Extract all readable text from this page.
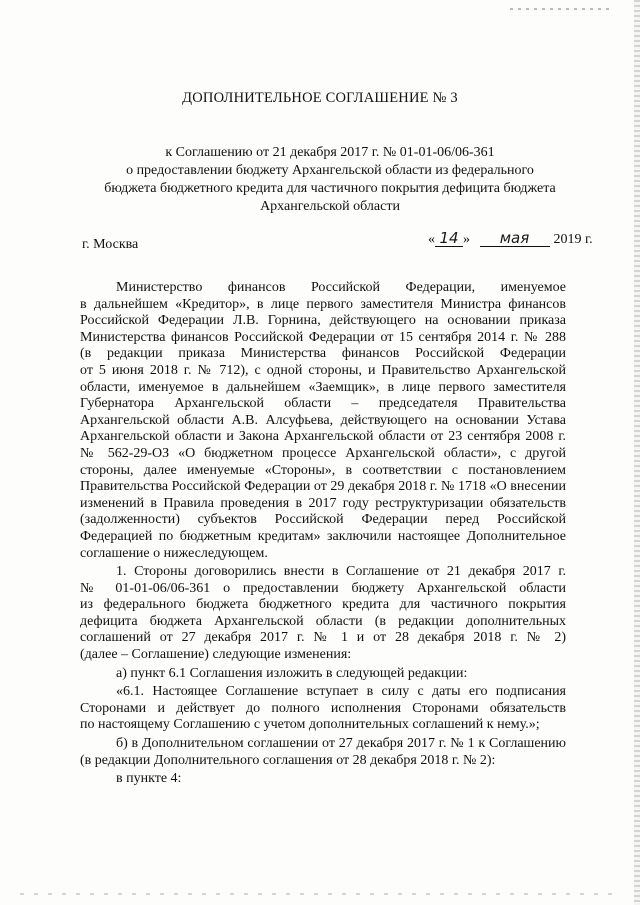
ДОПОЛНИТЕЛЬНОЕ СОГЛАШЕНИЕ № 3
к Соглашению от 21 декабря 2017 г. № 01-01-06/06-361
о предоставлении бюджету Архангельской области из федерального
бюджета бюджетного кредита для частичного покрытия дефицита бюджета
Архангельской области
г. Москва	« 14 » мая 2019 г.
Министерство финансов Российской Федерации, именуемое
в дальнейшем «Кредитор», в лице первого заместителя Министра финансов
Российской Федерации Л.В. Горнина, действующего на основании приказа
Министерства финансов Российской Федерации от 15 сентября 2014 г. № 288
(в редакции приказа Министерства финансов Российской Федерации
от 5 июня 2018 г. № 712), с одной стороны, и Правительство Архангельской
области, именуемое в дальнейшем «Заемщик», в лице первого заместителя
Губернатора Архангельской области – председателя Правительства
Архангельской области А.В. Алсуфьева, действующего на основании Устава
Архангельской области и Закона Архангельской области от 23 сентября 2008 г.
№ 562-29-ОЗ «О бюджетном процессе Архангельской области», с другой
стороны, далее именуемые «Стороны», в соответствии с постановлением
Правительства Российской Федерации от 29 декабря 2018 г. № 1718 «О внесении
изменений в Правила проведения в 2017 году реструктуризации обязательств
(задолженности) субъектов Российской Федерации перед Российской
Федерацией по бюджетным кредитам» заключили настоящее Дополнительное
соглашение о нижеследующем.
1. Стороны договорились внести в Соглашение от 21 декабря 2017 г.
№ 01-01-06/06-361 о предоставлении бюджету Архангельской области
из федерального бюджета бюджетного кредита для частичного покрытия
дефицита бюджета Архангельской области (в редакции дополнительных
соглашений от 27 декабря 2017 г. № 1 и от 28 декабря 2018 г. № 2)
(далее – Соглашение) следующие изменения:
а) пункт 6.1 Соглашения изложить в следующей редакции:
«6.1. Настоящее Соглашение вступает в силу с даты его подписания
Сторонами и действует до полного исполнения Сторонами обязательств
по настоящему Соглашению с учетом дополнительных соглашений к нему.»;
б) в Дополнительном соглашении от 27 декабря 2017 г. № 1 к Соглашению
(в редакции Дополнительного соглашения от 28 декабря 2018 г. № 2):
в пункте 4:
